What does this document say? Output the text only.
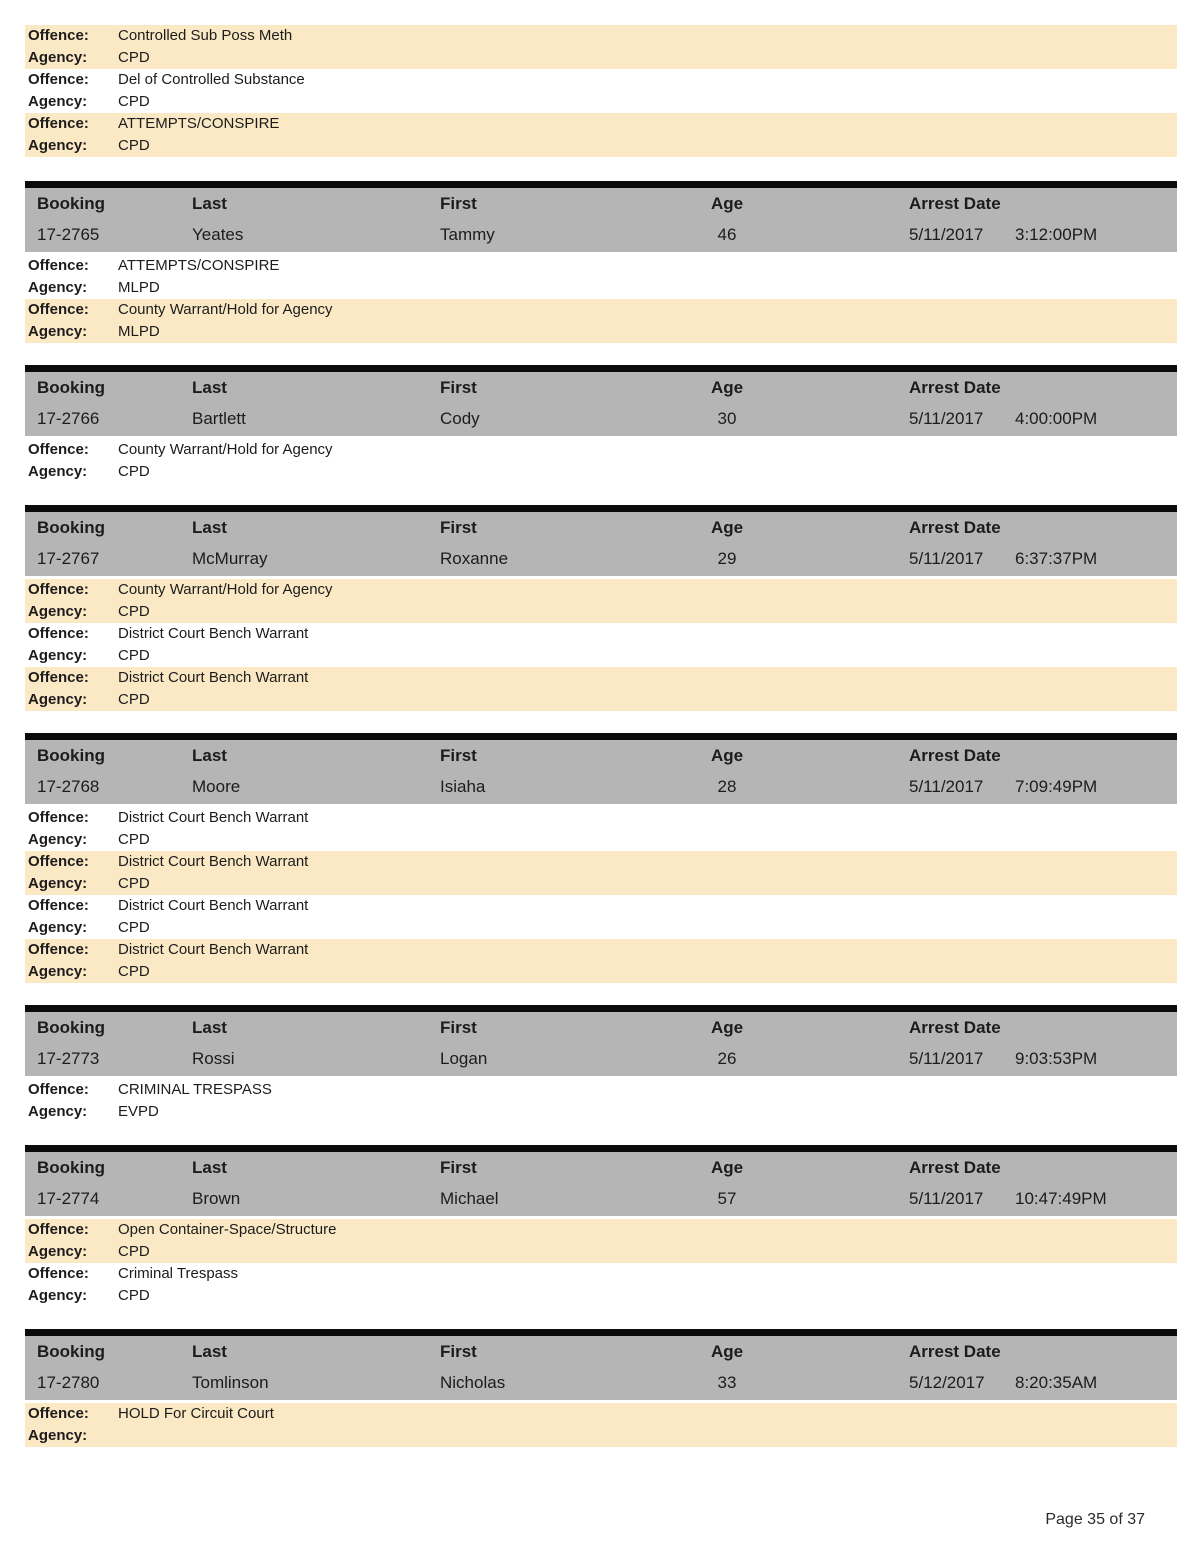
Offence:	Controlled Sub Poss Meth
Agency:	CPD
Offence:	Del of Controlled Substance
Agency:	CPD
Offence:	ATTEMPTS/CONSPIRE
Agency:	CPD
Booking	Last	First	Age	Arrest Date
17-2765	Yeates	Tammy	46	5/11/2017 3:12:00PM
Offence:	ATTEMPTS/CONSPIRE
Agency:	MLPD
Offence:	County Warrant/Hold for Agency
Agency:	MLPD
Booking	Last	First	Age	Arrest Date
17-2766	Bartlett	Cody	30	5/11/2017 4:00:00PM
Offence:	County Warrant/Hold for Agency
Agency:	CPD
Booking	Last	First	Age	Arrest Date
17-2767	McMurray	Roxanne	29	5/11/2017 6:37:37PM
Offence:	County Warrant/Hold for Agency
Agency:	CPD
Offence:	District Court Bench Warrant
Agency:	CPD
Offence:	District Court Bench Warrant
Agency:	CPD
Booking	Last	First	Age	Arrest Date
17-2768	Moore	Isiaha	28	5/11/2017 7:09:49PM
Offence:	District Court Bench Warrant
Agency:	CPD
Offence:	District Court Bench Warrant
Agency:	CPD
Offence:	District Court Bench Warrant
Agency:	CPD
Offence:	District Court Bench Warrant
Agency:	CPD
Booking	Last	First	Age	Arrest Date
17-2773	Rossi	Logan	26	5/11/2017 9:03:53PM
Offence:	CRIMINAL TRESPASS
Agency:	EVPD
Booking	Last	First	Age	Arrest Date
17-2774	Brown	Michael	57	5/11/2017 10:47:49PM
Offence:	Open Container-Space/Structure
Agency:	CPD
Offence:	Criminal Trespass
Agency:	CPD
Booking	Last	First	Age	Arrest Date
17-2780	Tomlinson	Nicholas	33	5/12/2017 8:20:35AM
Offence:	HOLD For Circuit Court
Agency:
Page 35 of 37
